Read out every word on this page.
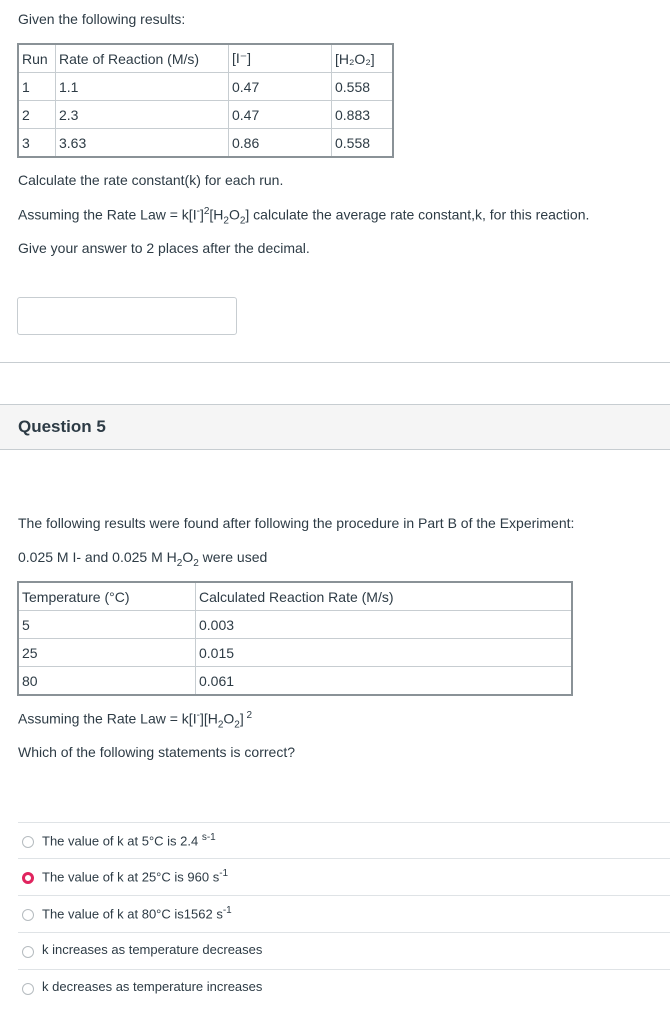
Given the following results:

Run	Rate of Reaction (M/s)	[I⁻]	[H₂O₂]
1	1.1	0.47	0.558
2	2.3	0.47	0.883
3	3.63	0.86	0.558

Calculate the rate constant(k) for each run.

Assuming the Rate Law = $k[I^-]^2[H_2O_2]$ calculate the average rate constant,k, for this reaction.

Give your answer to 2 places after the decimal.

Question 5

The following results were found after following the procedure in Part B of the Experiment:

0.025 M I- and 0.025 M $H_2O_2$ were used

Temperature (°C)	Calculated Reaction Rate (M/s)
5	0.003
25	0.015
80	0.061

Assuming the Rate Law = $k[I^-][H_2O_2]$ $^2$

Which of the following statements is correct?

The value of k at 5°C is 2.4 $^{s-1}$
The value of k at 25°C is 960 $s^{-1}$
The value of k at 80°C is1562 $s^{-1}$
k increases as temperature decreases
k decreases as temperature increases
